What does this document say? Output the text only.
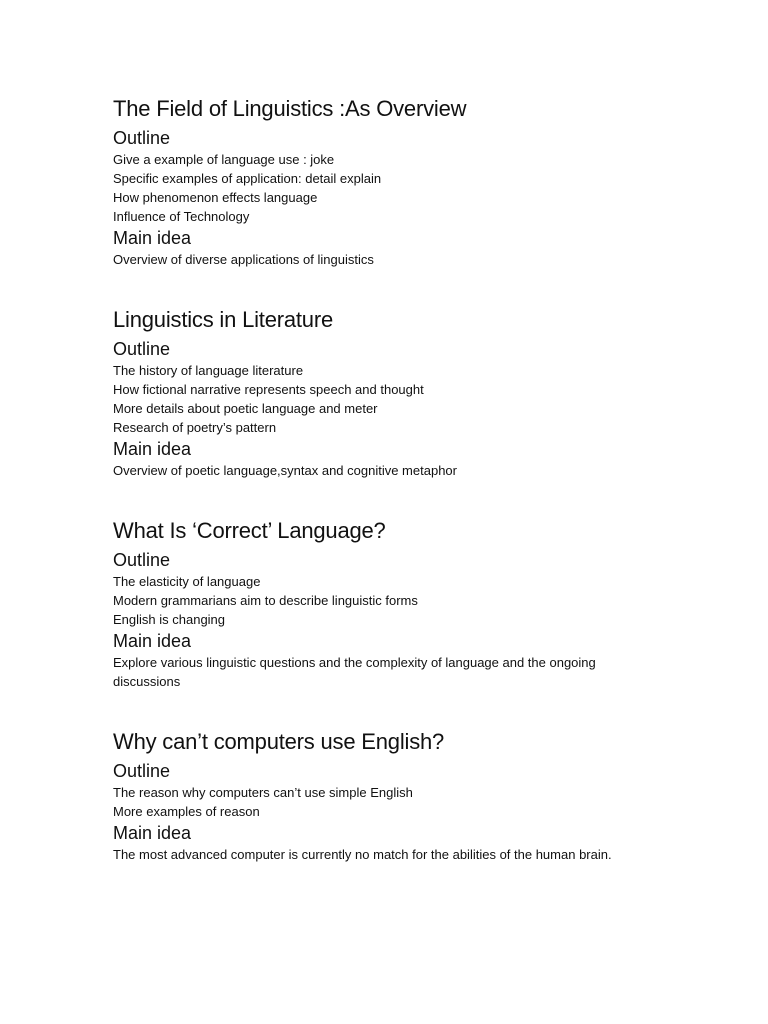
The Field of Linguistics :As Overview
Outline
Give a example of language use : joke
Specific examples of application: detail explain
How phenomenon effects language
Influence of Technology
Main idea

Overview of diverse applications of linguistics

Linguistics in Literature
Outline
The history of language literature
How fictional narrative represents speech and thought
More details about poetic language and meter
Research of poetry’s pattern
Main idea

Overview of poetic language,syntax and cognitive metaphor

What Is ‘Correct’ Language?
Outline
The elasticity of language
Modern grammarians aim to describe linguistic forms
English is changing
Main idea

Explore various linguistic questions and the complexity of language and the ongoing discussions

Why can’t computers use English?
Outline
The reason why computers can’t use simple English
More examples of reason
Main idea

The most advanced computer is currently no match for the abilities of the human brain.
